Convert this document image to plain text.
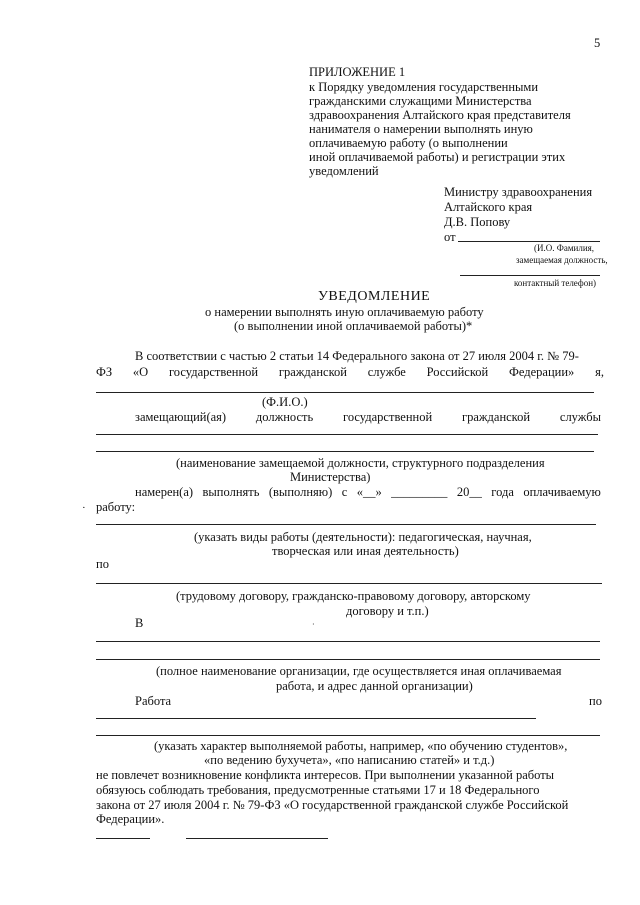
5
ПРИЛОЖЕНИЕ 1
к Порядку уведомления государственными
гражданскими служащими Министерства
здравоохранения Алтайского края представителя
нанимателя о намерении выполнять иную
оплачиваемую работу (о выполнении
иной оплачиваемой работы) и регистрации этих
уведомлений
Министру здравоохранения
Алтайского края
Д.В. Попову
от
(И.О. Фамилия,
замещаемая должность,
контактный телефон)
УВЕДОМЛЕНИЕ
о намерении выполнять иную оплачиваемую работу
(о выполнении иной оплачиваемой работы)*
В соответствии с частью 2 статьи 14 Федерального закона от 27 июля 2004 г. № 79-
ФЗ «О государственной гражданской службе Российской Федерации» я,
(Ф.И.О.)
замещающий(ая) должность государственной гражданской службы
(наименование замещаемой должности, структурного подразделения
Министерства)
намерен(а) выполнять (выполняю) с «__» _________ 20__ года оплачиваемую
· работу:
(указать виды работы (деятельности): педагогическая, научная,
творческая или иная деятельность)
по
(трудовому договору, гражданско-правовому договору, авторскому
договору и т.п.)
В	·
(полное наименование организации, где осуществляется иная оплачиваемая
работа, и адрес данной организации)
Работа	по
(указать характер выполняемой работы, например, «по обучению студентов»,
«по ведению бухучета», «по написанию статей» и т.д.)
не повлечет возникновение конфликта интересов. При выполнении указанной работы
обязуюсь соблюдать требования, предусмотренные статьями 17 и 18 Федерального
закона от 27 июля 2004 г. № 79-ФЗ «О государственной гражданской службе Российской
Федерации».
